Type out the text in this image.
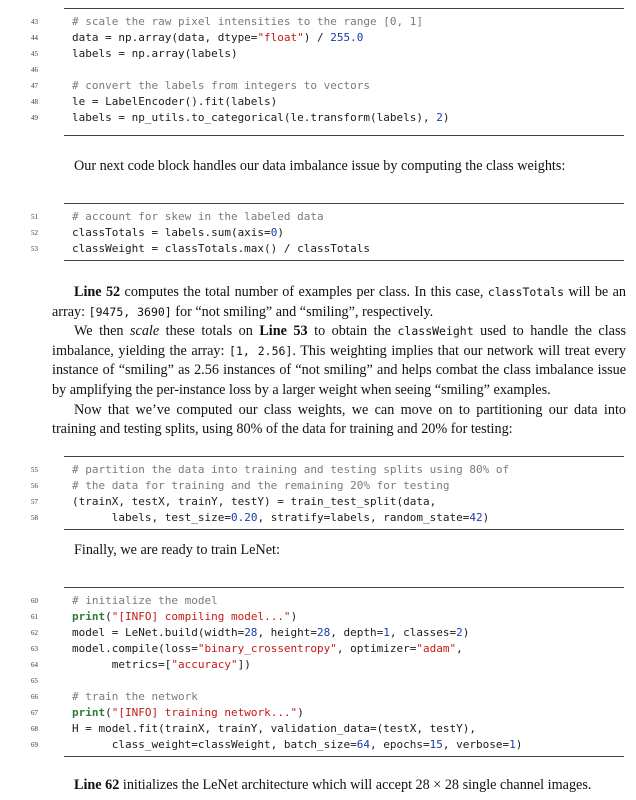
43	# scale the raw pixel intensities to the range [0, 1]
44	data = np.array(data, dtype="float") / 255.0
45	labels = np.array(labels)
46
47	# convert the labels from integers to vectors
48	le = LabelEncoder().fit(labels)
49	labels = np_utils.to_categorical(le.transform(labels), 2)

Our next code block handles our data imbalance issue by computing the class weights:

51	# account for skew in the labeled data
52	classTotals = labels.sum(axis=0)
53	classWeight = classTotals.max() / classTotals

Line 52 computes the total number of examples per class. In this case, classTotals will be an array: [9475, 3690] for “not smiling” and “smiling”, respectively.

We then scale these totals on Line 53 to obtain the classWeight used to handle the class imbalance, yielding the array: [1, 2.56]. This weighting implies that our network will treat every instance of “smiling” as 2.56 instances of “not smiling” and helps combat the class imbalance issue by amplifying the per-instance loss by a larger weight when seeing “smiling” examples.

Now that we’ve computed our class weights, we can move on to partitioning our data into training and testing splits, using 80% of the data for training and 20% for testing:

55	# partition the data into training and testing splits using 80% of
56	# the data for training and the remaining 20% for testing
57	(trainX, testX, trainY, testY) = train_test_split(data,
58	labels, test_size=0.20, stratify=labels, random_state=42)

Finally, we are ready to train LeNet:

60	# initialize the model
61	print("[INFO] compiling model...")
62	model = LeNet.build(width=28, height=28, depth=1, classes=2)
63	model.compile(loss="binary_crossentropy", optimizer="adam",
64	metrics=["accuracy"])
65
66	# train the network
67	print("[INFO] training network...")
68	H = model.fit(trainX, trainY, validation_data=(testX, testY),
69	class_weight=classWeight, batch_size=64, epochs=15, verbose=1)

Line 62 initializes the LeNet architecture which will accept 28 × 28 single channel images.
